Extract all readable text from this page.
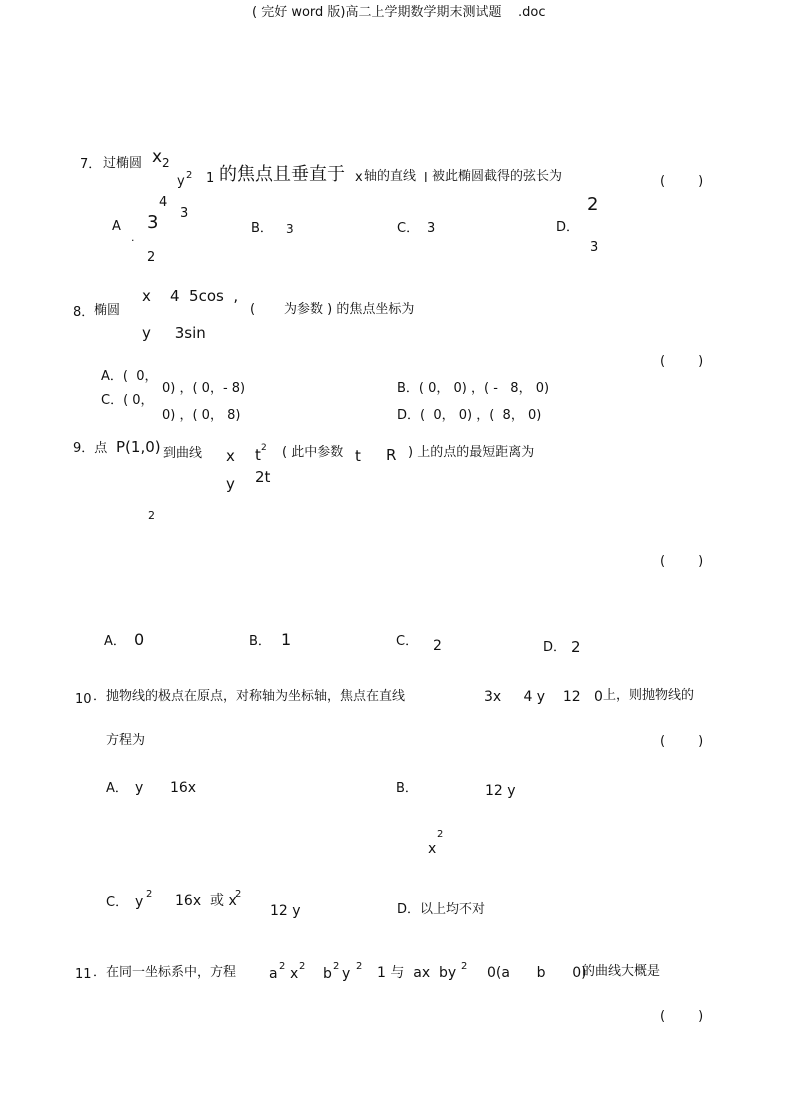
( 完好 word 版)高二上学期数学期末测试题    .doc
7． 过椭圆 x 2
y 2 1 的焦点且垂直于 x 轴的直线 l 被此椭圆截得的弦长为
4
(        )
A
.
3 3
2
B． 3	C． 3	D．
2
3
8． 椭圆
x    4  5cos  ,
y     3sin
(       为参数 ) 的焦点坐标为
(        )
A．(  0，
0) ，( 0，- 8)
C．( 0，
0) ，( 0， 8)
B．( 0， 0) ，( -   8， 0)
D．(  0， 0) ，(  8， 0)
9．点 P(1,0) 到曲线 x t 2
y 2t
( 此中参数 t R ) 上的点的最短距离为
2
(        )
A． 0	B． 1	C． 2	D． 2
10 ．抛物线的极点在原点，对称轴为坐标轴，焦点在直线	3x     4 y    12   0 上，则抛物线的
方程为	(        )
A． y      16x	B．	12 y
x
2
C． y 2 16x  或 x
2
12 y	D．以上均不对
11 ．在同一坐标系中，方程 a 2 x 2 b 2 y 2 1 与  ax  by 2 0(a      b      0)
的曲线大概是
(        )
